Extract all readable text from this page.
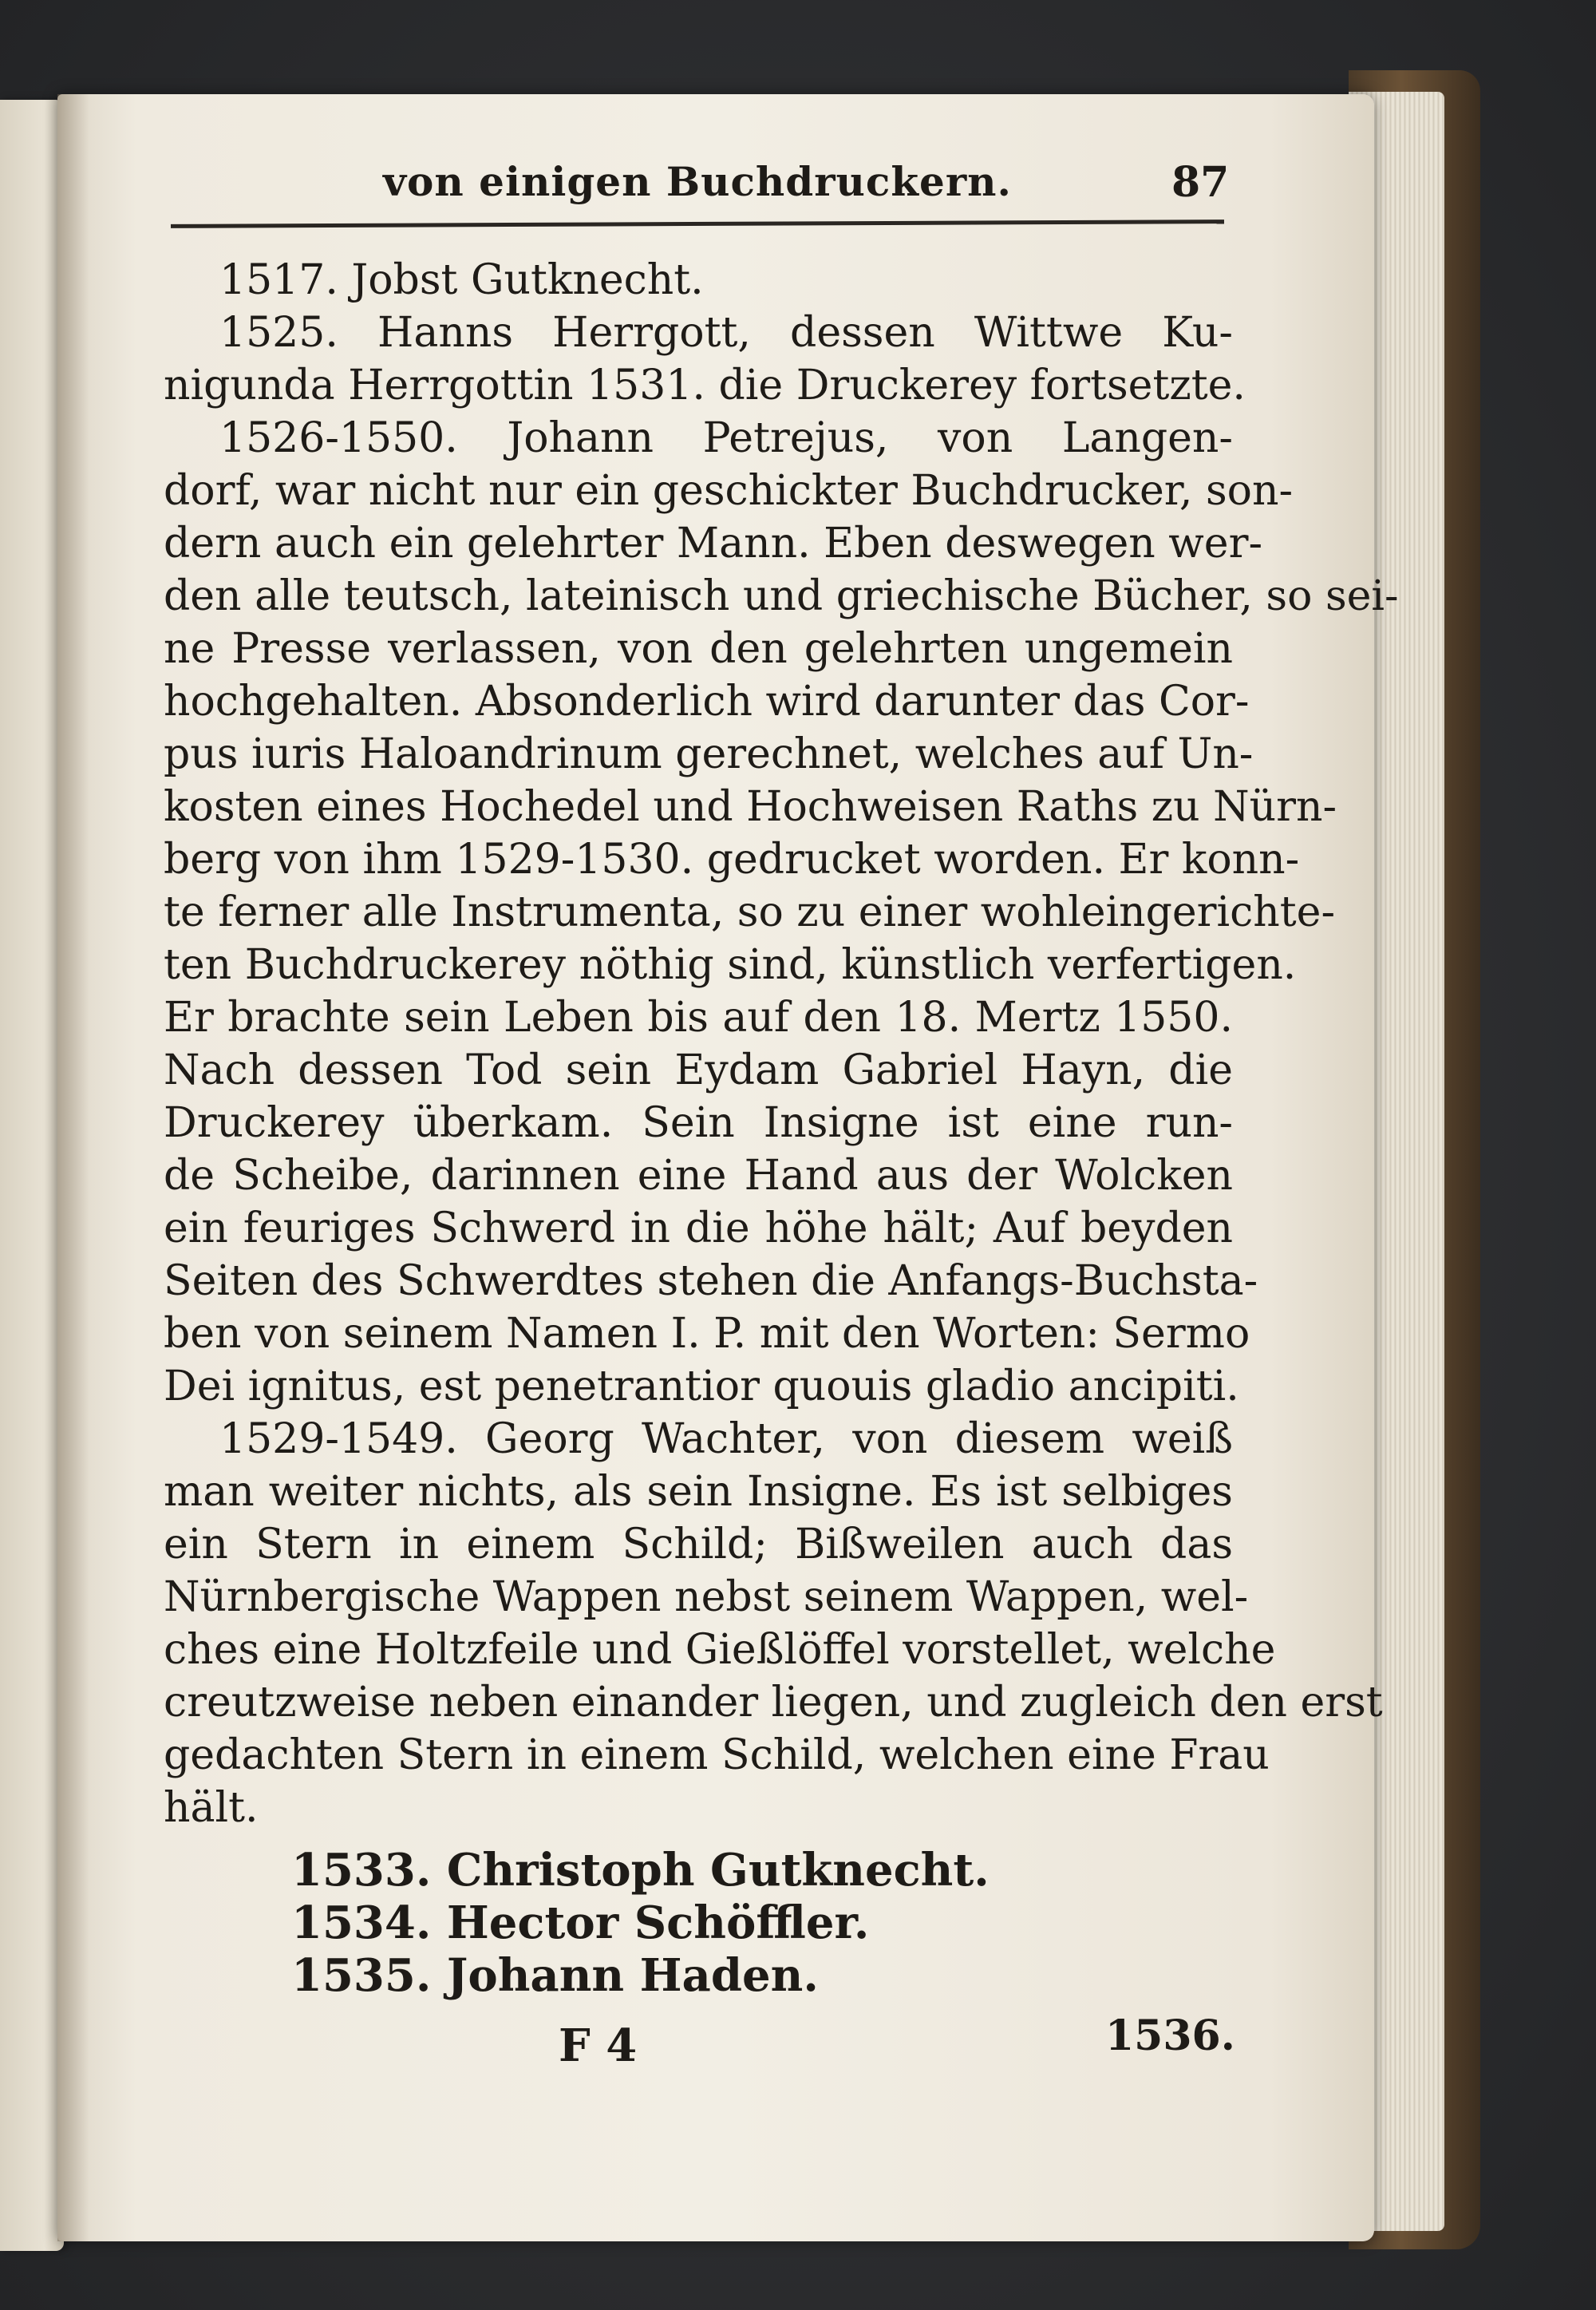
von einigen Buchdruckern.	87
1517. Jobst Gutknecht.
1525. Hanns Herrgott, dessen Wittwe Ku-
nigunda Herrgottin 1531. die Druckerey fortsetzte.
1526-1550. Johann Petrejus, von Langen-
dorf, war nicht nur ein geschickter Buchdrucker, son-
dern auch ein gelehrter Mann. Eben deswegen wer-
den alle teutsch, lateinisch und griechische Bücher, so sei-
ne Presse verlassen, von den gelehrten ungemein
hochgehalten. Absonderlich wird darunter das Cor-
pus iuris Haloandrinum gerechnet, welches auf Un-
kosten eines Hochedel und Hochweisen Raths zu Nürn-
berg von ihm 1529-1530. gedrucket worden. Er konn-
te ferner alle Instrumenta, so zu einer wohleingerichte-
ten Buchdruckerey nöthig sind, künstlich verfertigen.
Er brachte sein Leben bis auf den 18. Mertz 1550.
Nach dessen Tod sein Eydam Gabriel Hayn, die
Druckerey überkam. Sein Insigne ist eine run-
de Scheibe, darinnen eine Hand aus der Wolcken
ein feuriges Schwerd in die höhe hält; Auf beyden
Seiten des Schwerdtes stehen die Anfangs-Buchsta-
ben von seinem Namen I. P. mit den Worten: Sermo
Dei ignitus, est penetrantior quouis gladio ancipiti.
1529-1549. Georg Wachter, von diesem weiß
man weiter nichts, als sein Insigne. Es ist selbiges
ein Stern in einem Schild; Bißweilen auch das
Nürnbergische Wappen nebst seinem Wappen, wel-
ches eine Holtzfeile und Gießlöffel vorstellet, welche
creutzweise neben einander liegen, und zugleich den erst
gedachten Stern in einem Schild, welchen eine Frau
hält.
1533. Christoph Gutknecht.
1534. Hector Schöffler.
1535. Johann Haden.
F 4	1536.
